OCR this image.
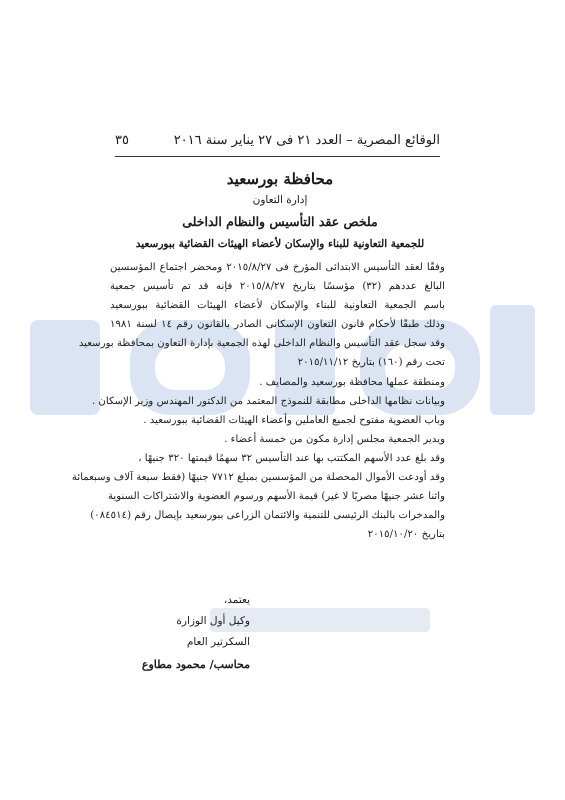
الوقائع المصرية – العدد ٢١ فى ٢٧ يناير سنة ٢٠١٦
٣٥
محافظة بورسعيد
إدارة التعاون
ملخص عقد التأسيس والنظام الداخلى
للجمعية التعاونية للبناء والإسكان لأعضاء الهيئات القضائية ببورسعيد

وفقًا لعقد التأسيس الابتدائى المؤرخ فى ٢٠١٥/٨/٢٧ ومحضر اجتماع المؤسسين

البالغ عددهم (٣٢) مؤسسًا بتاريخ ٢٠١٥/٨/٢٧ فإنه قد تم تأسيس جمعية

باسم الجمعية التعاونية للبناء والإسكان لأعضاء الهيئات القضائية ببورسعيد

وذلك طبقًا لأحكام قانون التعاون الإسكانى الصادر بالقانون رقم ١٤ لسنة ١٩٨١

وقد سجل عقد التأسيس والنظام الداخلى لهذه الجمعية بإدارة التعاون بمحافظة بورسعيد

تحت رقم (١٦٠) بتاريخ ٢٠١٥/١١/١٢

ومنطقة عملها محافظة بورسعيد والمصايف .

وبيانات نظامها الداخلى مطابقة للنموذج المعتمد من الدكتور المهندس وزير الإسكان .

وباب العضوية مفتوح لجميع العاملين وأعضاء الهيئات القضائية ببورسعيد .

ويدير الجمعية مجلس إدارة مكون من خمسة أعضاء .

وقد بلغ عدد الأسهم المكتتب بها عند التأسيس ٣٢ سهمًا قيمتها ٣٢٠ جنيهًا ،

وقد أودعت الأموال المحصلة من المؤسسين بمبلغ ٧٧١٢ جنيهًا (فقط سبعة آلاف وسبعمائة

واثنا عشر جنيهًا مصريًا لا غير) قيمة الأسهم ورسوم العضوية والاشتراكات السنوية

والمدخرات بالبنك الرئيسى للتنمية والائتمان الزراعى ببورسعيد بإيصال رقم (٠٨٤٥١٤)

بتاريخ ٢٠١٥/١٠/٢٠

يعتمد،
وكيل أول الوزارة
السكرتير العام
محاسب/ محمود مطاوع
